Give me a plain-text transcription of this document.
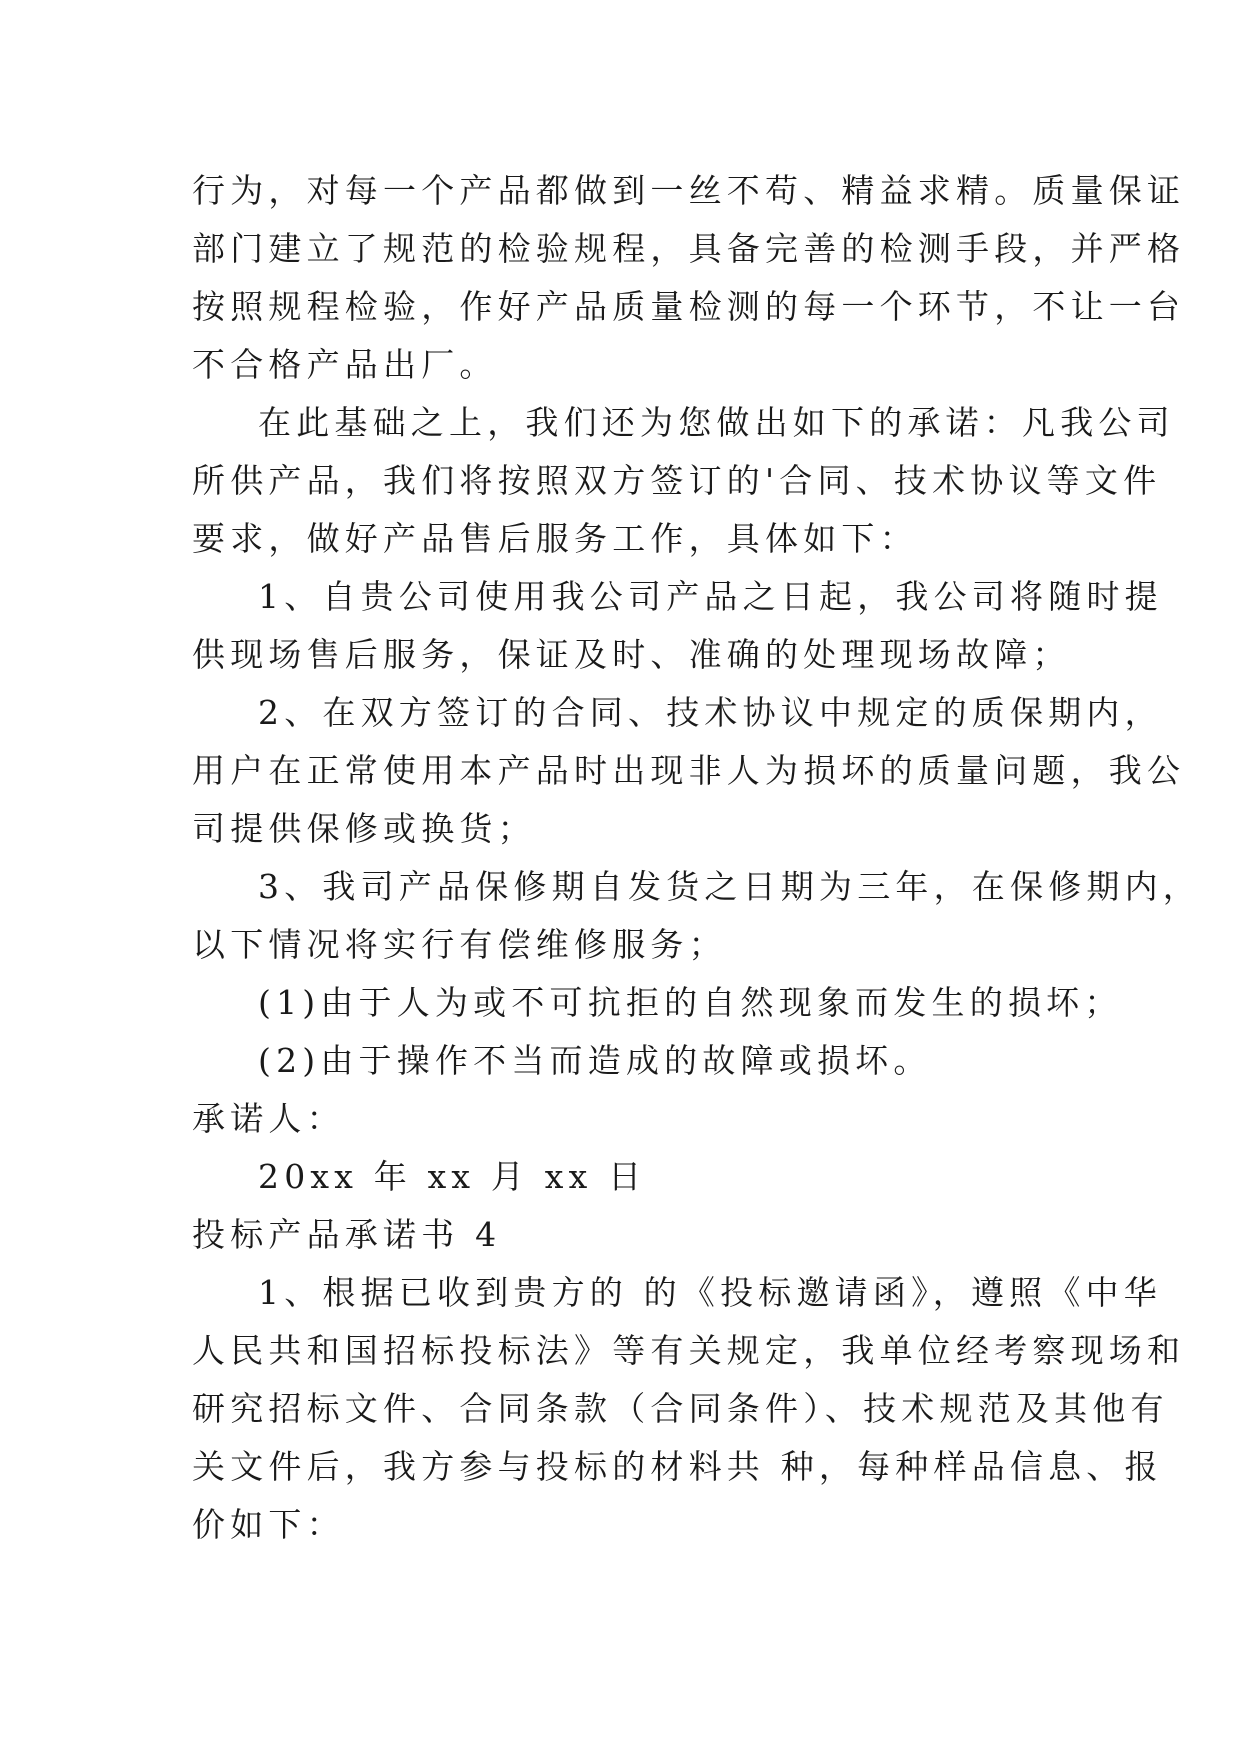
行为，对每一个产品都做到一丝不苟、精益求精。质量保证
部门建立了规范的检验规程，具备完善的检测手段，并严格
按照规程检验，作好产品质量检测的每一个环节，不让一台
不合格产品出厂。
在此基础之上，我们还为您做出如下的承诺：凡我公司
所供产品，我们将按照双方签订的'合同、技术协议等文件
要求，做好产品售后服务工作，具体如下：
1、自贵公司使用我公司产品之日起，我公司将随时提
供现场售后服务，保证及时、准确的处理现场故障；
2、在双方签订的合同、技术协议中规定的质保期内，
用户在正常使用本产品时出现非人为损坏的质量问题，我公
司提供保修或换货；
3、我司产品保修期自发货之日期为三年，在保修期内，
以下情况将实行有偿维修服务；
(1)由于人为或不可抗拒的自然现象而发生的损坏；
(2)由于操作不当而造成的故障或损坏。
承诺人：
20xx 年 xx 月 xx 日
投标产品承诺书 4
1、根据已收到贵方的 的《投标邀请函》，遵照《中华
人民共和国招标投标法》等有关规定，我单位经考察现场和
研究招标文件、合同条款（合同条件）、技术规范及其他有
关文件后，我方参与投标的材料共 种，每种样品信息、报
价如下：
